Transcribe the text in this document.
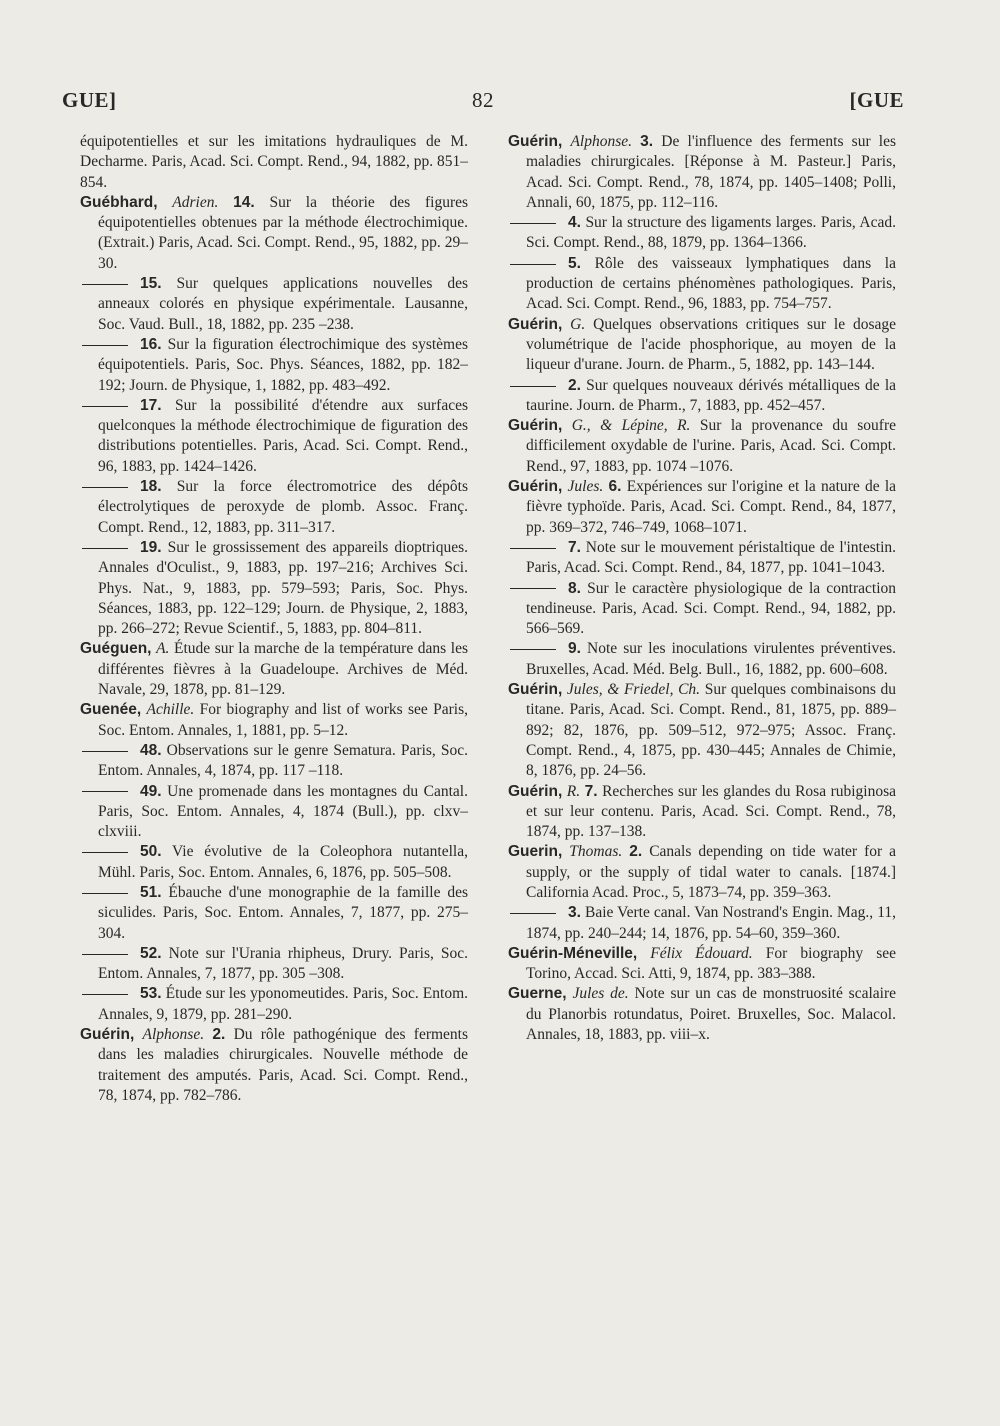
GUE]	82	[GUE

équipotentielles et sur les imitations hydrauliques de M. Decharme. Paris, Acad. Sci. Compt. Rend., 94, 1882, pp. 851–854.

Guébhard, Adrien. 14. Sur la théorie des figures équipotentielles obtenues par la méthode électrochimique. (Extrait.) Paris, Acad. Sci. Compt. Rend., 95, 1882, pp. 29–30.

15. Sur quelques applications nouvelles des anneaux colorés en physique expérimentale. Lausanne, Soc. Vaud. Bull., 18, 1882, pp. 235 –238.

16. Sur la figuration électrochimique des systèmes équipotentiels. Paris, Soc. Phys. Séances, 1882, pp. 182–192; Journ. de Physique, 1, 1882, pp. 483–492.

17. Sur la possibilité d'étendre aux surfaces quelconques la méthode électrochimique de figuration des distributions potentielles. Paris, Acad. Sci. Compt. Rend., 96, 1883, pp. 1424–1426.

18. Sur la force électromotrice des dépôts électrolytiques de peroxyde de plomb. Assoc. Franç. Compt. Rend., 12, 1883, pp. 311–317.

19. Sur le grossissement des appareils dioptriques. Annales d'Oculist., 9, 1883, pp. 197–216; Archives Sci. Phys. Nat., 9, 1883, pp. 579–593; Paris, Soc. Phys. Séances, 1883, pp. 122–129; Journ. de Physique, 2, 1883, pp. 266–272; Revue Scientif., 5, 1883, pp. 804–811.

Guéguen, A. Étude sur la marche de la température dans les différentes fièvres à la Guadeloupe. Archives de Méd. Navale, 29, 1878, pp. 81–129.

Guenée, Achille. For biography and list of works see Paris, Soc. Entom. Annales, 1, 1881, pp. 5–12.

48. Observations sur le genre Sematura. Paris, Soc. Entom. Annales, 4, 1874, pp. 117 –118.

49. Une promenade dans les montagnes du Cantal. Paris, Soc. Entom. Annales, 4, 1874 (Bull.), pp. clxv–clxviii.

50. Vie évolutive de la Coleophora nutantella, Mühl. Paris, Soc. Entom. Annales, 6, 1876, pp. 505–508.

51. Ébauche d'une monographie de la famille des siculides. Paris, Soc. Entom. Annales, 7, 1877, pp. 275–304.

52. Note sur l'Urania rhipheus, Drury. Paris, Soc. Entom. Annales, 7, 1877, pp. 305 –308.

53. Étude sur les yponomeutides. Paris, Soc. Entom. Annales, 9, 1879, pp. 281–290.

Guérin, Alphonse. 2. Du rôle pathogénique des ferments dans les maladies chirurgicales. Nouvelle méthode de traitement des amputés. Paris, Acad. Sci. Compt. Rend., 78, 1874, pp. 782–786.

Guérin, Alphonse. 3. De l'influence des ferments sur les maladies chirurgicales. [Réponse à M. Pasteur.] Paris, Acad. Sci. Compt. Rend., 78, 1874, pp. 1405–1408; Polli, Annali, 60, 1875, pp. 112–116.

4. Sur la structure des ligaments larges. Paris, Acad. Sci. Compt. Rend., 88, 1879, pp. 1364–1366.

5. Rôle des vaisseaux lymphatiques dans la production de certains phénomènes pathologiques. Paris, Acad. Sci. Compt. Rend., 96, 1883, pp. 754–757.

Guérin, G. Quelques observations critiques sur le dosage volumétrique de l'acide phosphorique, au moyen de la liqueur d'urane. Journ. de Pharm., 5, 1882, pp. 143–144.

2. Sur quelques nouveaux dérivés métalliques de la taurine. Journ. de Pharm., 7, 1883, pp. 452–457.

Guérin, G., & Lépine, R. Sur la provenance du soufre difficilement oxydable de l'urine. Paris, Acad. Sci. Compt. Rend., 97, 1883, pp. 1074 –1076.

Guérin, Jules. 6. Expériences sur l'origine et la nature de la fièvre typhoïde. Paris, Acad. Sci. Compt. Rend., 84, 1877, pp. 369–372, 746–749, 1068–1071.

7. Note sur le mouvement péristaltique de l'intestin. Paris, Acad. Sci. Compt. Rend., 84, 1877, pp. 1041–1043.

8. Sur le caractère physiologique de la contraction tendineuse. Paris, Acad. Sci. Compt. Rend., 94, 1882, pp. 566–569.

9. Note sur les inoculations virulentes préventives. Bruxelles, Acad. Méd. Belg. Bull., 16, 1882, pp. 600–608.

Guérin, Jules, & Friedel, Ch. Sur quelques combinaisons du titane. Paris, Acad. Sci. Compt. Rend., 81, 1875, pp. 889–892; 82, 1876, pp. 509–512, 972–975; Assoc. Franç. Compt. Rend., 4, 1875, pp. 430–445; Annales de Chimie, 8, 1876, pp. 24–56.

Guérin, R. 7. Recherches sur les glandes du Rosa rubiginosa et sur leur contenu. Paris, Acad. Sci. Compt. Rend., 78, 1874, pp. 137–138.

Guerin, Thomas. 2. Canals depending on tide water for a supply, or the supply of tidal water to canals. [1874.] California Acad. Proc., 5, 1873–74, pp. 359–363.

3. Baie Verte canal. Van Nostrand's Engin. Mag., 11, 1874, pp. 240–244; 14, 1876, pp. 54–60, 359–360.

Guérin-Méneville, Félix Édouard. For biography see Torino, Accad. Sci. Atti, 9, 1874, pp. 383–388.

Guerne, Jules de. Note sur un cas de monstruosité scalaire du Planorbis rotundatus, Poiret. Bruxelles, Soc. Malacol. Annales, 18, 1883, pp. viii–x.
